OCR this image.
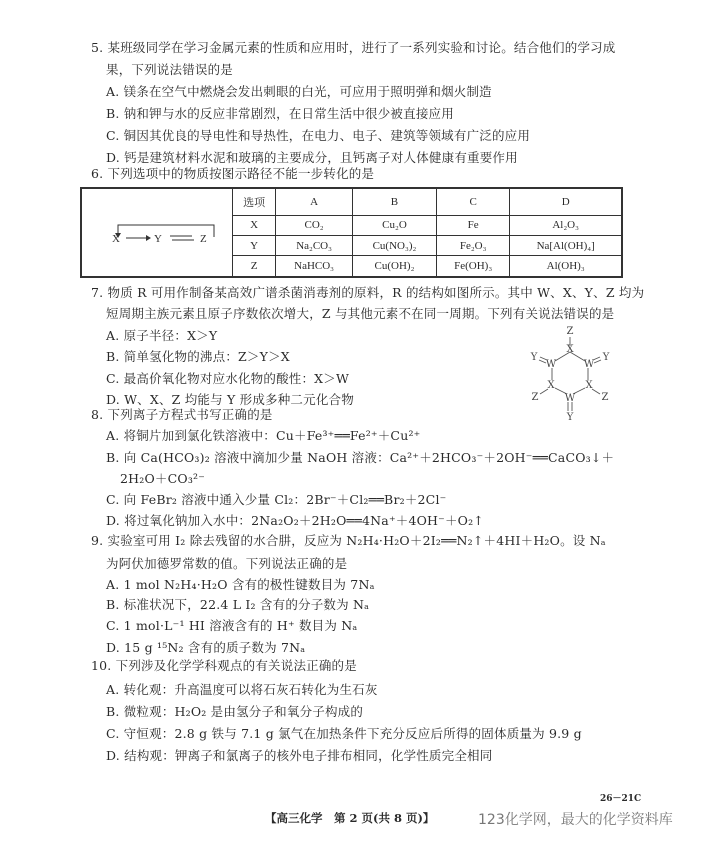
5. 某班级同学在学习金属元素的性质和应用时，进行了一系列实验和讨论。结合他们的学习成
果，下列说法错误的是
A. 镁条在空气中燃烧会发出刺眼的白光，可应用于照明弹和烟火制造
B. 钠和钾与水的反应非常剧烈，在日常生活中很少被直接应用
C. 铜因其优良的导电性和导热性，在电力、电子、建筑等领域有广泛的应用
D. 钙是建筑材料水泥和玻璃的主要成分，且钙离子对人体健康有重要作用
6. 下列选项中的物质按图示路径不能一步转化的是
7. 物质 R 可用作制备某高效广谱杀菌消毒剂的原料，R 的结构如图所示。其中 W、X、Y、Z 均为
短周期主族元素且原子序数依次增大，Z 与其他元素不在同一周期。下列有关说法错误的是
A. 原子半径：X＞Y
B. 简单氢化物的沸点：Z＞Y＞X
C. 最高价氧化物对应水化物的酸性：X＞W
D. W、X、Z 均能与 Y 形成多种二元化合物
8. 下列离子方程式书写正确的是
A. 将铜片加到氯化铁溶液中：Cu＋Fe³⁺══Fe²⁺＋Cu²⁺
B. 向 Ca(HCO₃)₂ 溶液中滴加少量 NaOH 溶液：Ca²⁺＋2HCO₃⁻＋2OH⁻══CaCO₃↓＋
2H₂O＋CO₃²⁻
C. 向 FeBr₂ 溶液中通入少量 Cl₂：2Br⁻＋Cl₂══Br₂＋2Cl⁻
D. 将过氧化钠加入水中：2Na₂O₂＋2H₂O══4Na⁺＋4OH⁻＋O₂↑
9. 实验室可用 I₂ 除去残留的水合肼，反应为 N₂H₄·H₂O＋2I₂══N₂↑＋4HI＋H₂O。设 Nₐ
为阿伏加德罗常数的值。下列说法正确的是
A. 1 mol N₂H₄·H₂O 含有的极性键数目为 7Nₐ
B. 标准状况下，22.4 L I₂ 含有的分子数为 Nₐ
C. 1 mol·L⁻¹ HI 溶液含有的 H⁺ 数目为 Nₐ
D. 15 g ¹⁵N₂ 含有的质子数为 7Nₐ
10. 下列涉及化学学科观点的有关说法正确的是
A. 转化观：升高温度可以将石灰石转化为生石灰
B. 微粒观：H₂O₂ 是由氢分子和氧分子构成的
C. 守恒观：2.8 g 铁与 7.1 g 氯气在加热条件下充分反应后所得的固体质量为 9.9 g
D. 结构观：钾离子和氯离子的核外电子排布相同，化学性质完全相同
X Y Z	选项	A	B	C	D
	X	CO₂	Cu₂O	Fe	Al₂O₃
	Y	Na₂CO₃	Cu(NO₃)₂	Fe₂O₃	Na[Al(OH)₄]
	Z	NaHCO₃	Cu(OH)₂	Fe(OH)₃	Al(OH)₃
Z
X
W	W
Y	Y
X	X
Z	Z
W
Y
【高三化学　第 2 页(共 8 页)】	123化学网，最大的化学资料库
26－21C
